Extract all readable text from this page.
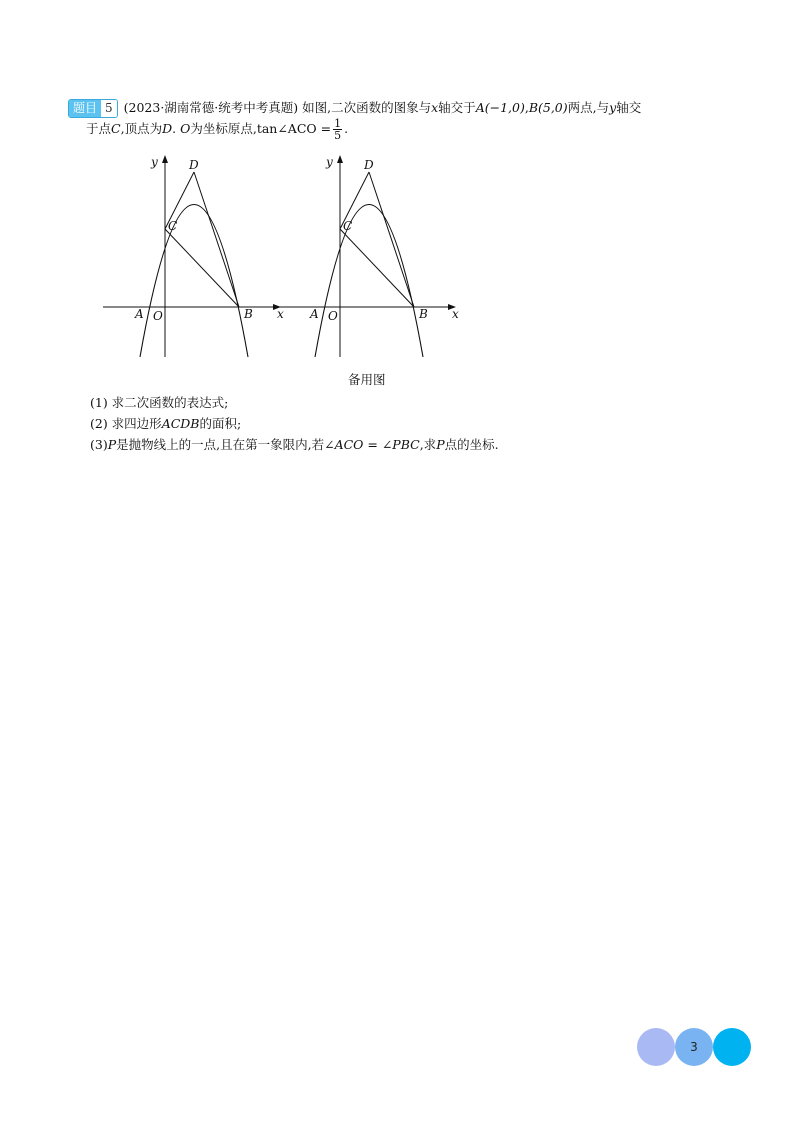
题目 5 (2023·湖南常德·统考中考真题) 如图,二次函数的图象与x轴交于A(−1,0),B(5,0)两点,与y轴交
于点C,顶点为D. O为坐标原点,tan∠ACO = $\frac{1}{5}$ .
y	D
C
A O	B x
y	D
C
A O	B x
备用图
(1) 求二次函数的表达式;
(2) 求四边形ACDB的面积;
(3)P是抛物线上的一点,且在第一象限内,若∠ACO = ∠PBC,求P点的坐标.
3
